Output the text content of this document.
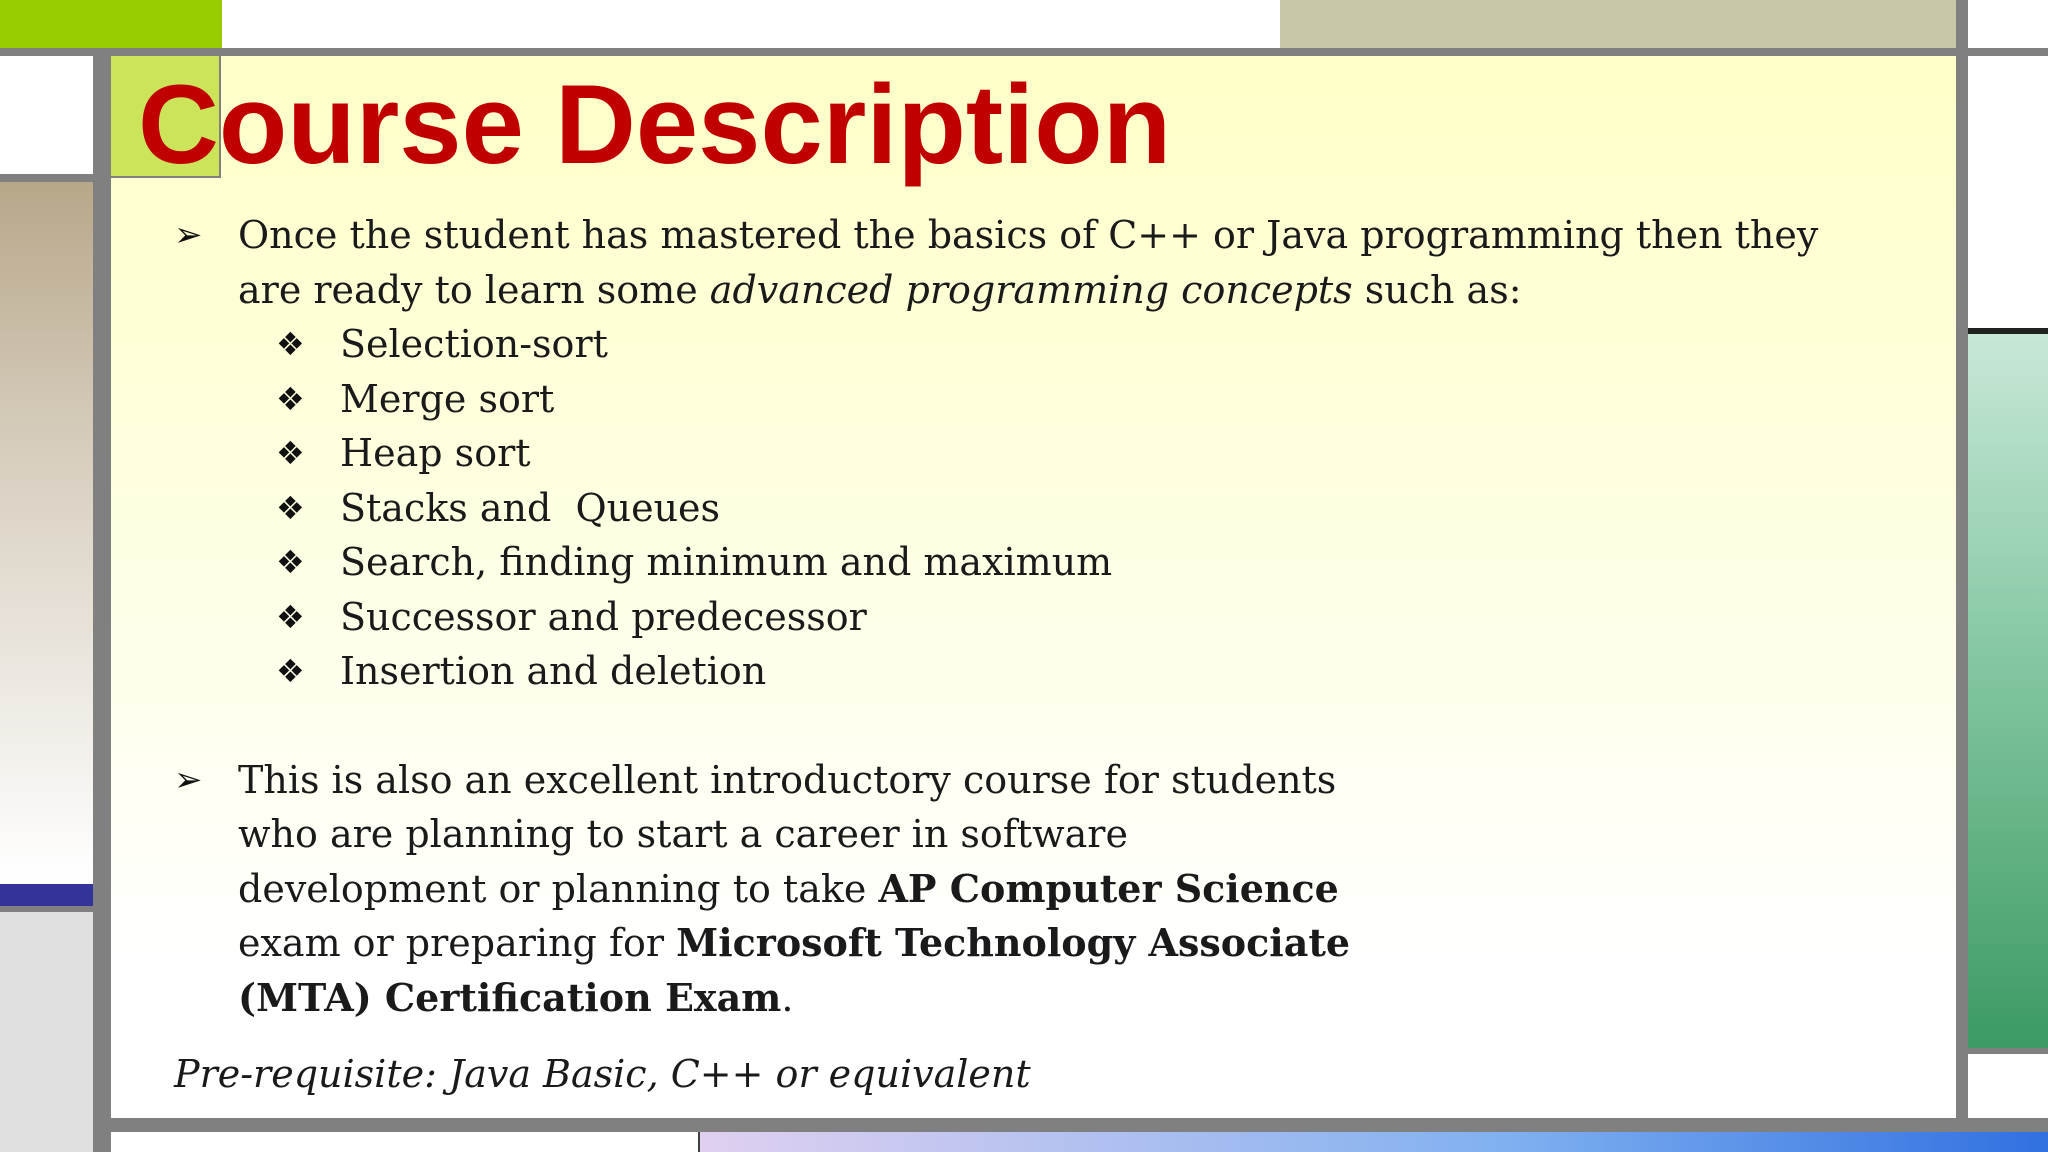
Course Description

➢ Once the student has mastered the basics of C++ or Java programming then they are ready to learn some advanced programming concepts such as:

❖ Selection-sort
❖ Merge sort
❖ Heap sort
❖ Stacks and  Queues
❖ Search, finding minimum and maximum
❖ Successor and predecessor
❖ Insertion and deletion

➢ This is also an excellent introductory course for students who are planning to start a career in software development or planning to take AP Computer Science exam or preparing for Microsoft Technology Associate (MTA) Certification Exam.

Pre-requisite: Java Basic, C++ or equivalent
